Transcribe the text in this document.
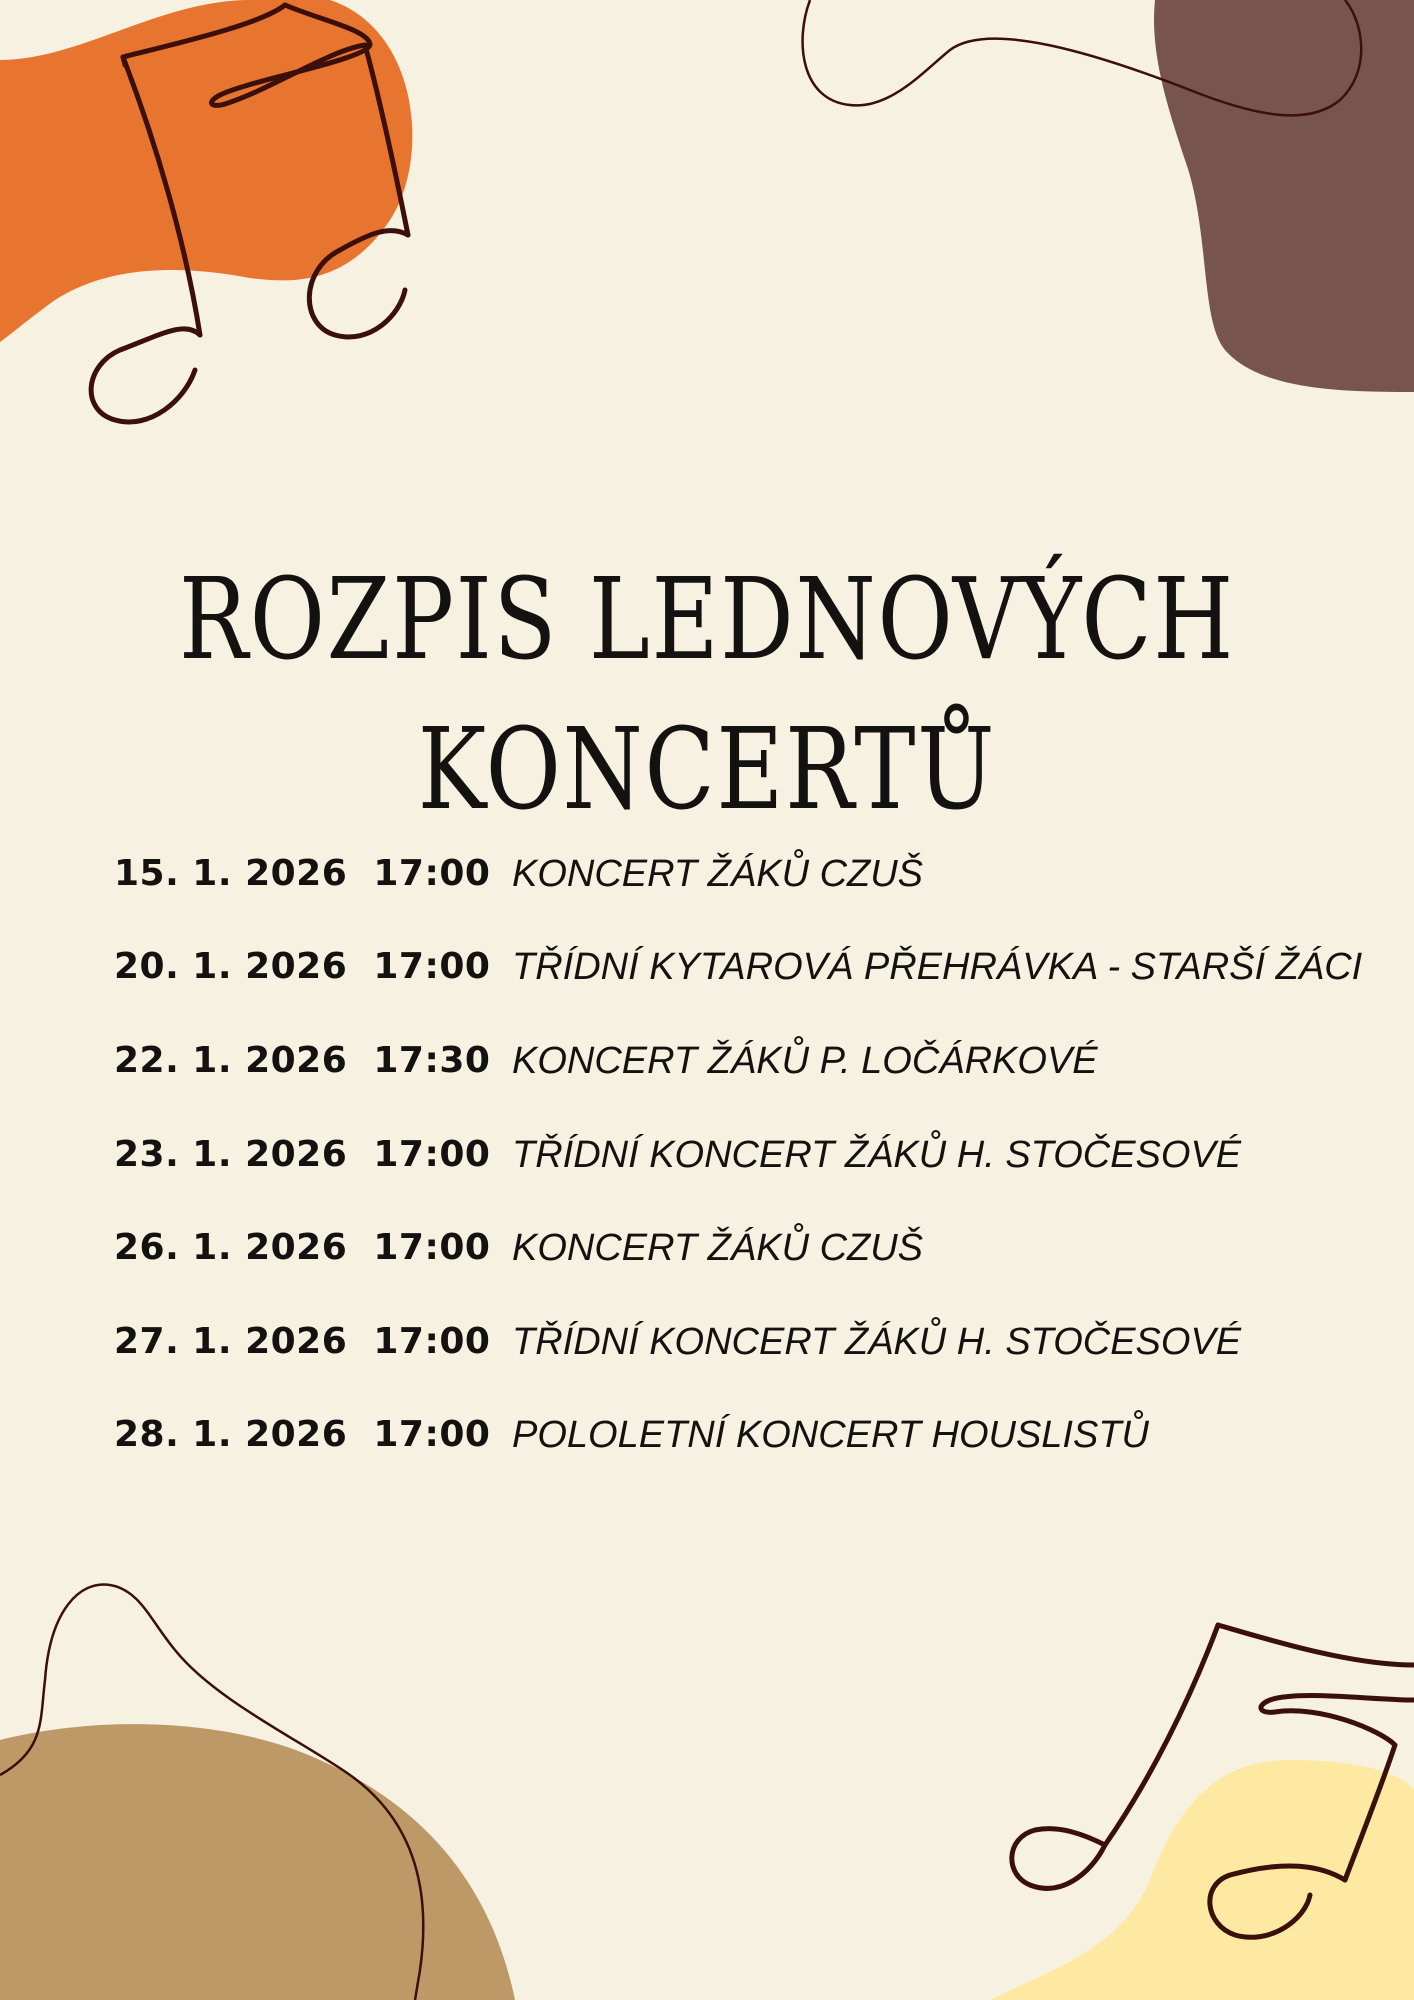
ROZPIS LEDNOVÝCH
KONCERTŮ
15. 1. 2026 17:00 KONCERT ŽÁKŮ CZUŠ
20. 1. 2026 17:00 TŘÍDNÍ KYTAROVÁ PŘEHRÁVKA - STARŠÍ ŽÁCI
22. 1. 2026 17:30 KONCERT ŽÁKŮ P. LOČÁRKOVÉ
23. 1. 2026 17:00 TŘÍDNÍ KONCERT ŽÁKŮ H. STOČESOVÉ
26. 1. 2026 17:00 KONCERT ŽÁKŮ CZUŠ
27. 1. 2026 17:00 TŘÍDNÍ KONCERT ŽÁKŮ H. STOČESOVÉ
28. 1. 2026 17:00 POLOLETNÍ KONCERT HOUSLISTŮ
